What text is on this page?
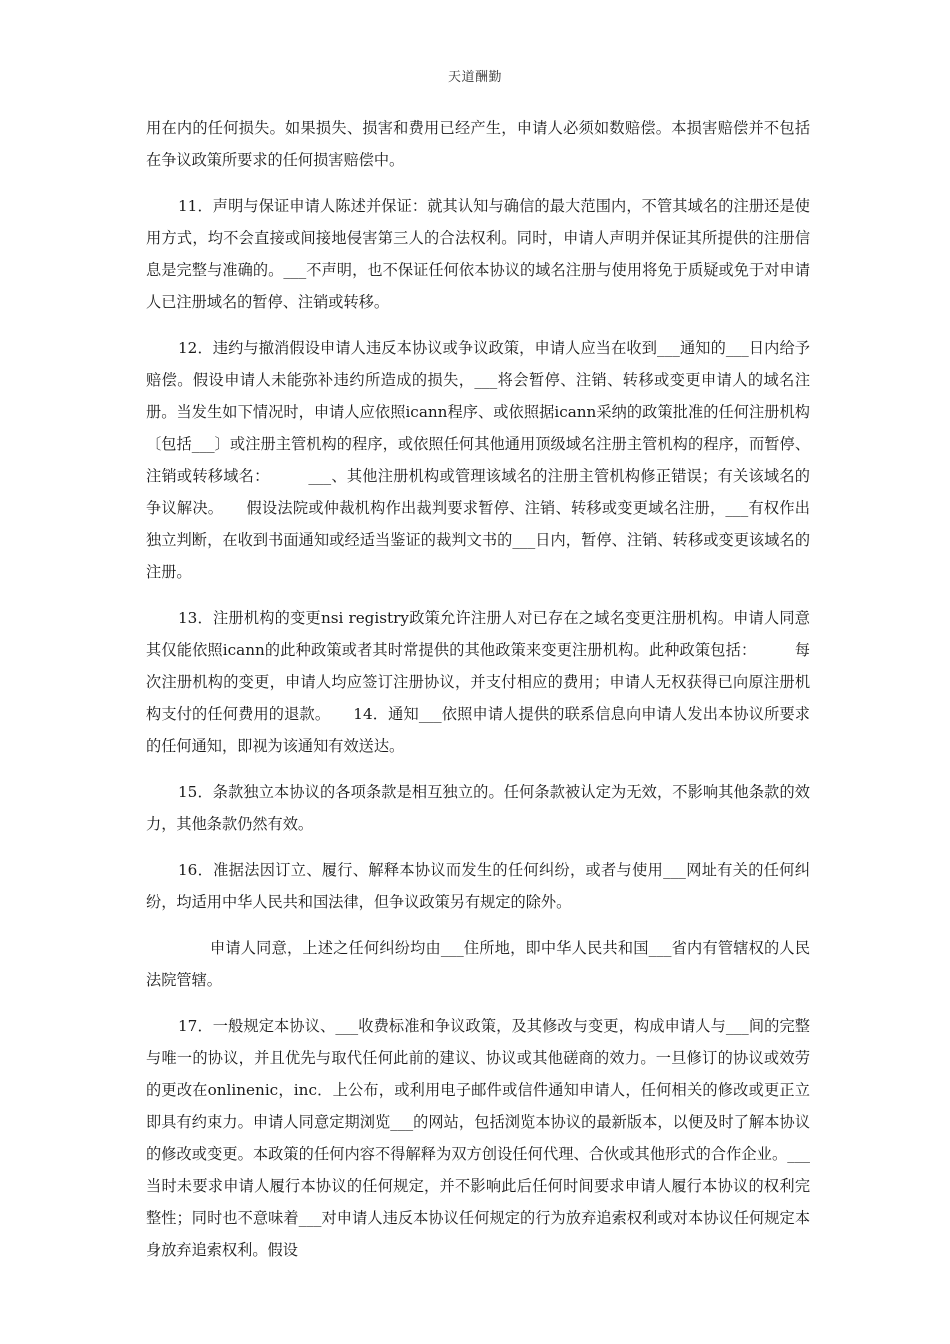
天道酬勤

用在内的任何损失。如果损失、损害和费用已经产生，申请人必须如数赔偿。本损害赔偿并不包括在争议政策所要求的任何损害赔偿中。

11．声明与保证申请人陈述并保证：就其认知与确信的最大范围内，不管其域名的注册还是使用方式，均不会直接或间接地侵害第三人的合法权利。同时，申请人声明并保证其所提供的注册信息是完整与准确的。___不声明，也不保证任何依本协议的域名注册与使用将免于质疑或免于对申请人已注册域名的暂停、注销或转移。

12．违约与撤消假设申请人违反本协议或争议政策，申请人应当在收到___通知的___日内给予赔偿。假设申请人未能弥补违约所造成的损失，___将会暂停、注销、转移或变更申请人的域名注册。当发生如下情况时，申请人应依照icann程序、或依照据icann采纳的政策批准的任何注册机构〔包括___〕或注册主管机构的程序，或依照任何其他通用顶级域名注册主管机构的程序，而暂停、注销或转移域名：　　　___、其他注册机构或管理该域名的注册主管机构修正错误；有关该域名的争议解决。　　假设法院或仲裁机构作出裁判要求暂停、注销、转移或变更域名注册，___有权作出独立判断，在收到书面通知或经适当鉴证的裁判文书的___日内，暂停、注销、转移或变更该域名的注册。

13．注册机构的变更nsi registry政策允许注册人对已存在之域名变更注册机构。申请人同意其仅能依照icann的此种政策或者其时常提供的其他政策来变更注册机构。此种政策包括：　　　每次注册机构的变更，申请人均应签订注册协议，并支付相应的费用；申请人无权获得已向原注册机构支付的任何费用的退款。　　14．通知___依照申请人提供的联系信息向申请人发出本协议所要求的任何通知，即视为该通知有效送达。

15．条款独立本协议的各项条款是相互独立的。任何条款被认定为无效，不影响其他条款的效力，其他条款仍然有效。

16．准据法因订立、履行、解释本协议而发生的任何纠纷，或者与使用___网址有关的任何纠纷，均适用中华人民共和国法律，但争议政策另有规定的除外。

申请人同意，上述之任何纠纷均由___住所地，即中华人民共和国___省内有管辖权的人民法院管辖。

17．一般规定本协议、___收费标准和争议政策，及其修改与变更，构成申请人与___间的完整与唯一的协议，并且优先与取代任何此前的建议、协议或其他磋商的效力。一旦修订的协议或效劳的更改在onlinenic，inc．上公布，或利用电子邮件或信件通知申请人，任何相关的修改或更正立即具有约束力。申请人同意定期浏览___的网站，包括浏览本协议的最新版本，以便及时了解本协议的修改或变更。本政策的任何内容不得解释为双方创设任何代理、合伙或其他形式的合作企业。___当时未要求申请人履行本协议的任何规定，并不影响此后任何时间要求申请人履行本协议的权利完整性；同时也不意味着___对申请人违反本协议任何规定的行为放弃追索权利或对本协议任何规定本身放弃追索权利。假设
